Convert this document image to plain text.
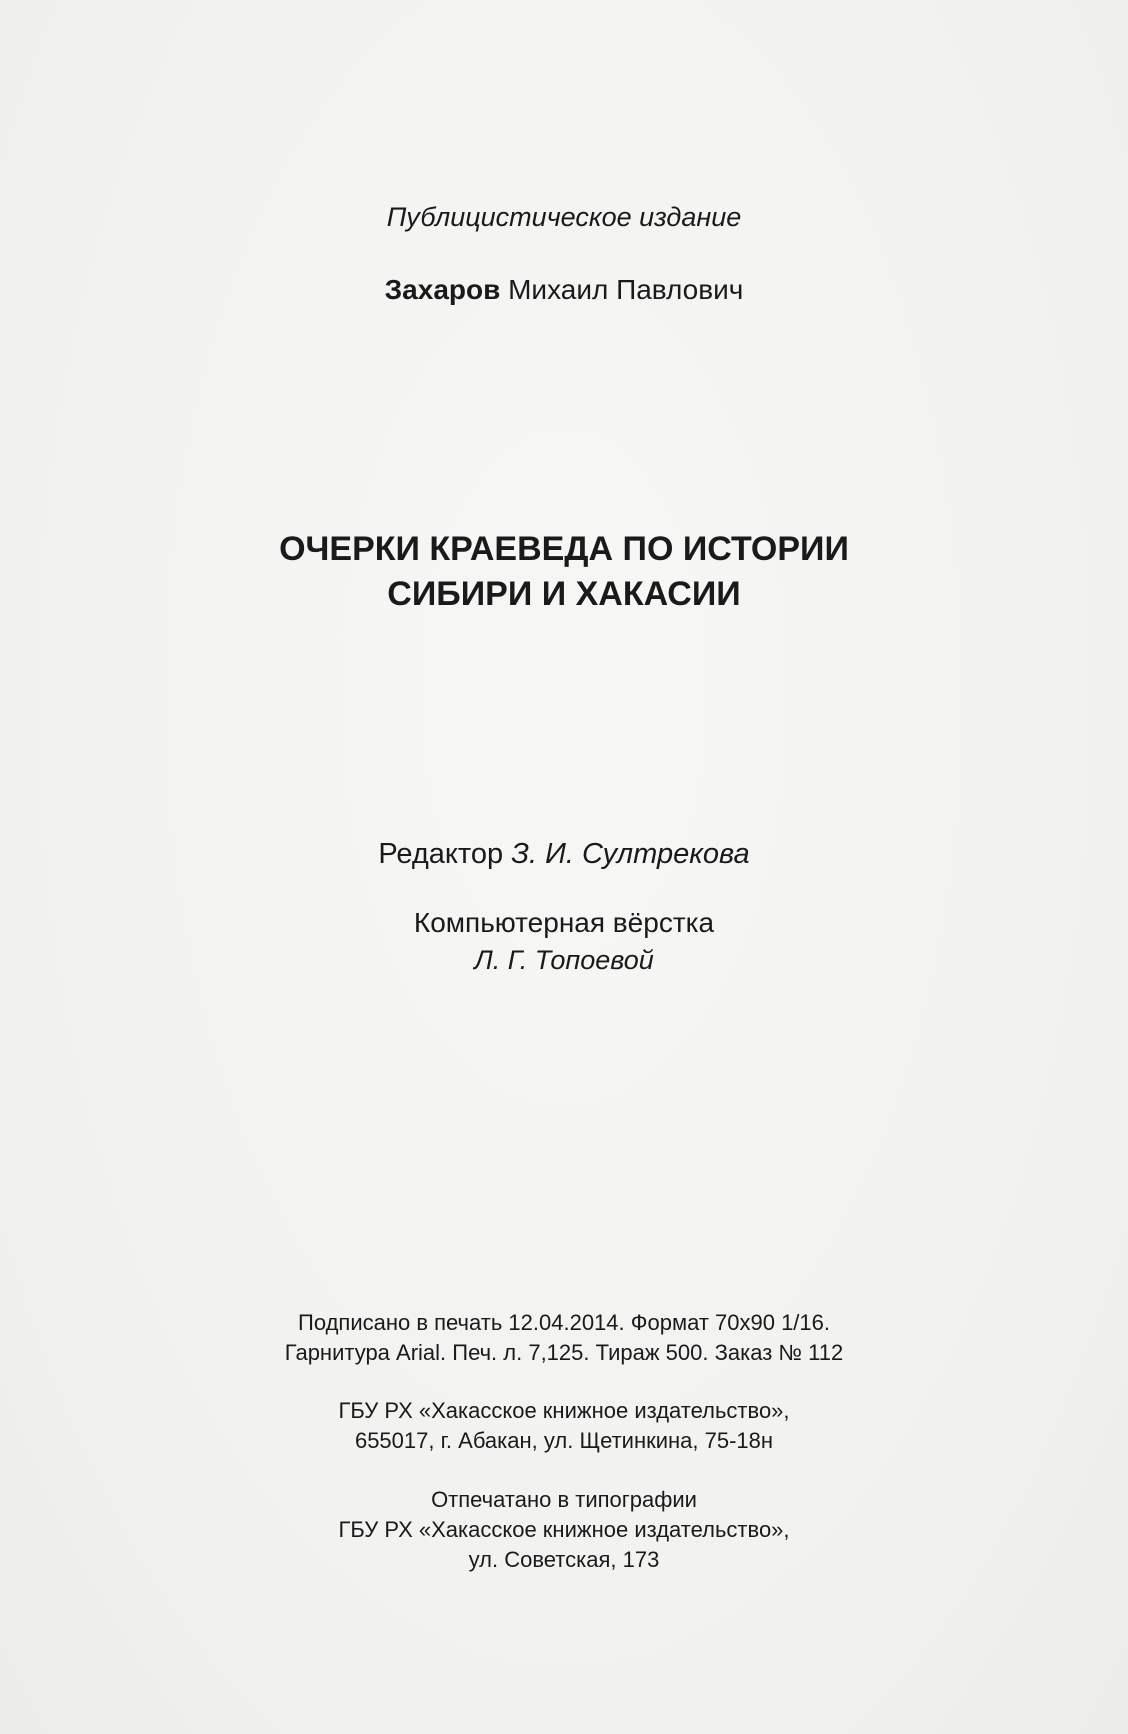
Публицистическое издание
Захаров Михаил Павлович
ОЧЕРКИ КРАЕВЕДА ПО ИСТОРИИ
СИБИРИ И ХАКАСИИ
Редактор З. И. Султрекова
Компьютерная вёрстка
Л. Г. Топоевой
Подписано в печать 12.04.2014. Формат 70x90 1/16.
Гарнитура Arial. Печ. л. 7,125. Тираж 500. Заказ № 112
ГБУ РХ «Хакасское книжное издательство»,
655017, г. Абакан, ул. Щетинкина, 75-18н
Отпечатано в типографии
ГБУ РХ «Хакасское книжное издательство»,
ул. Советская, 173
